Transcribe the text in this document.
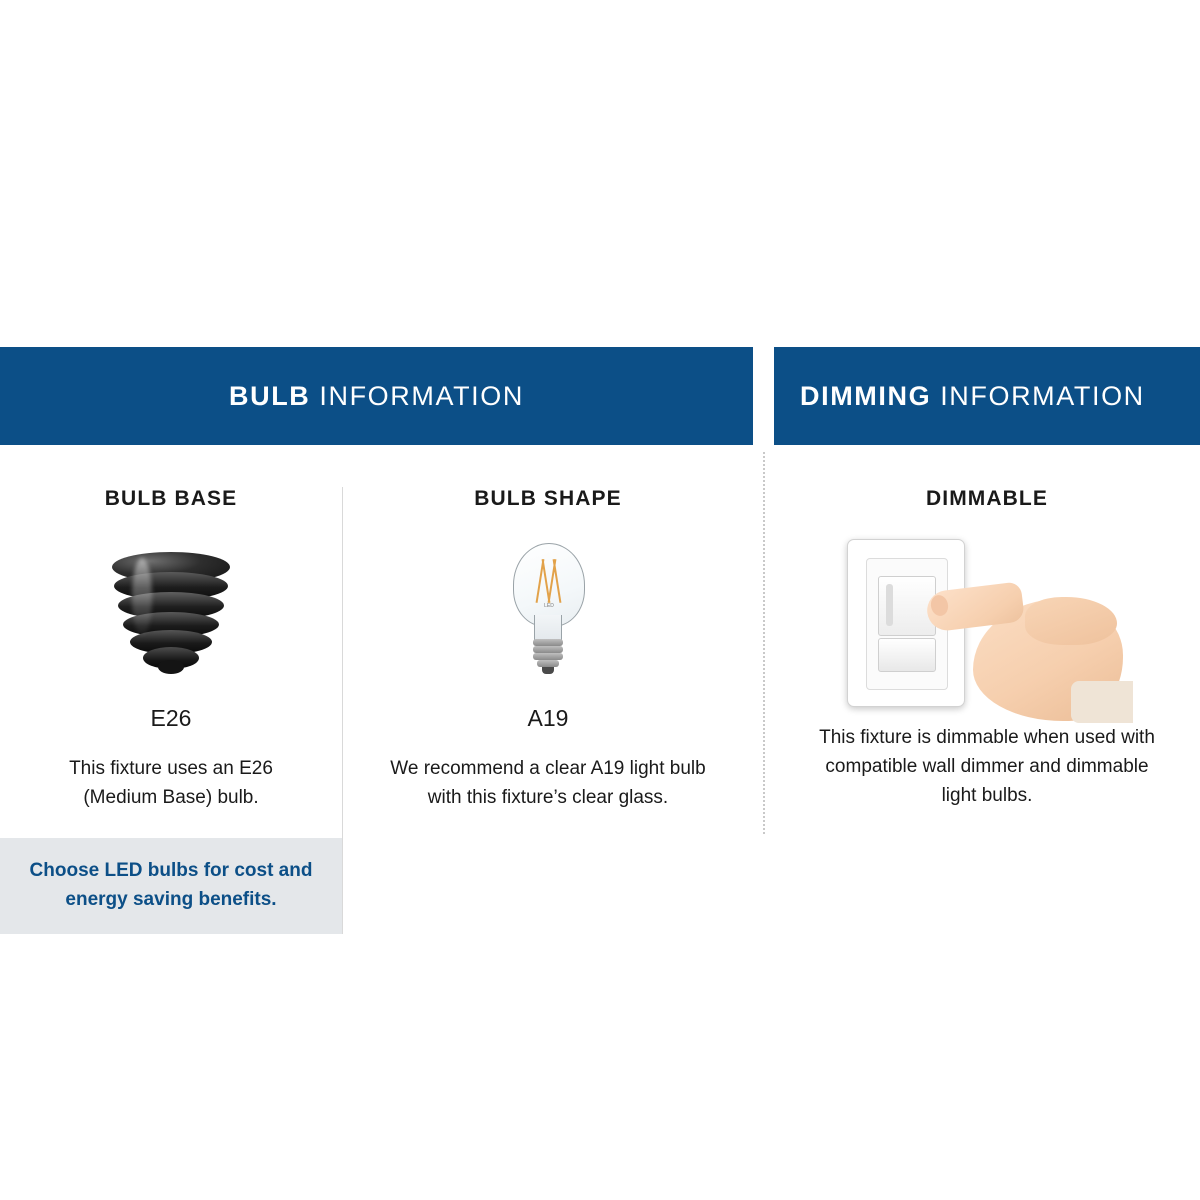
BULB INFORMATION
BULB BASE
E26
This fixture uses an E26 (Medium Base) bulb.
Choose LED bulbs for cost and energy saving benefits.
BULB SHAPE
LED
A19
We recommend a clear A19 light bulb with this fixture’s clear glass.
DIMMING INFORMATION
DIMMABLE
This fixture is dimmable when used with compatible wall dimmer and dimmable light bulbs.
